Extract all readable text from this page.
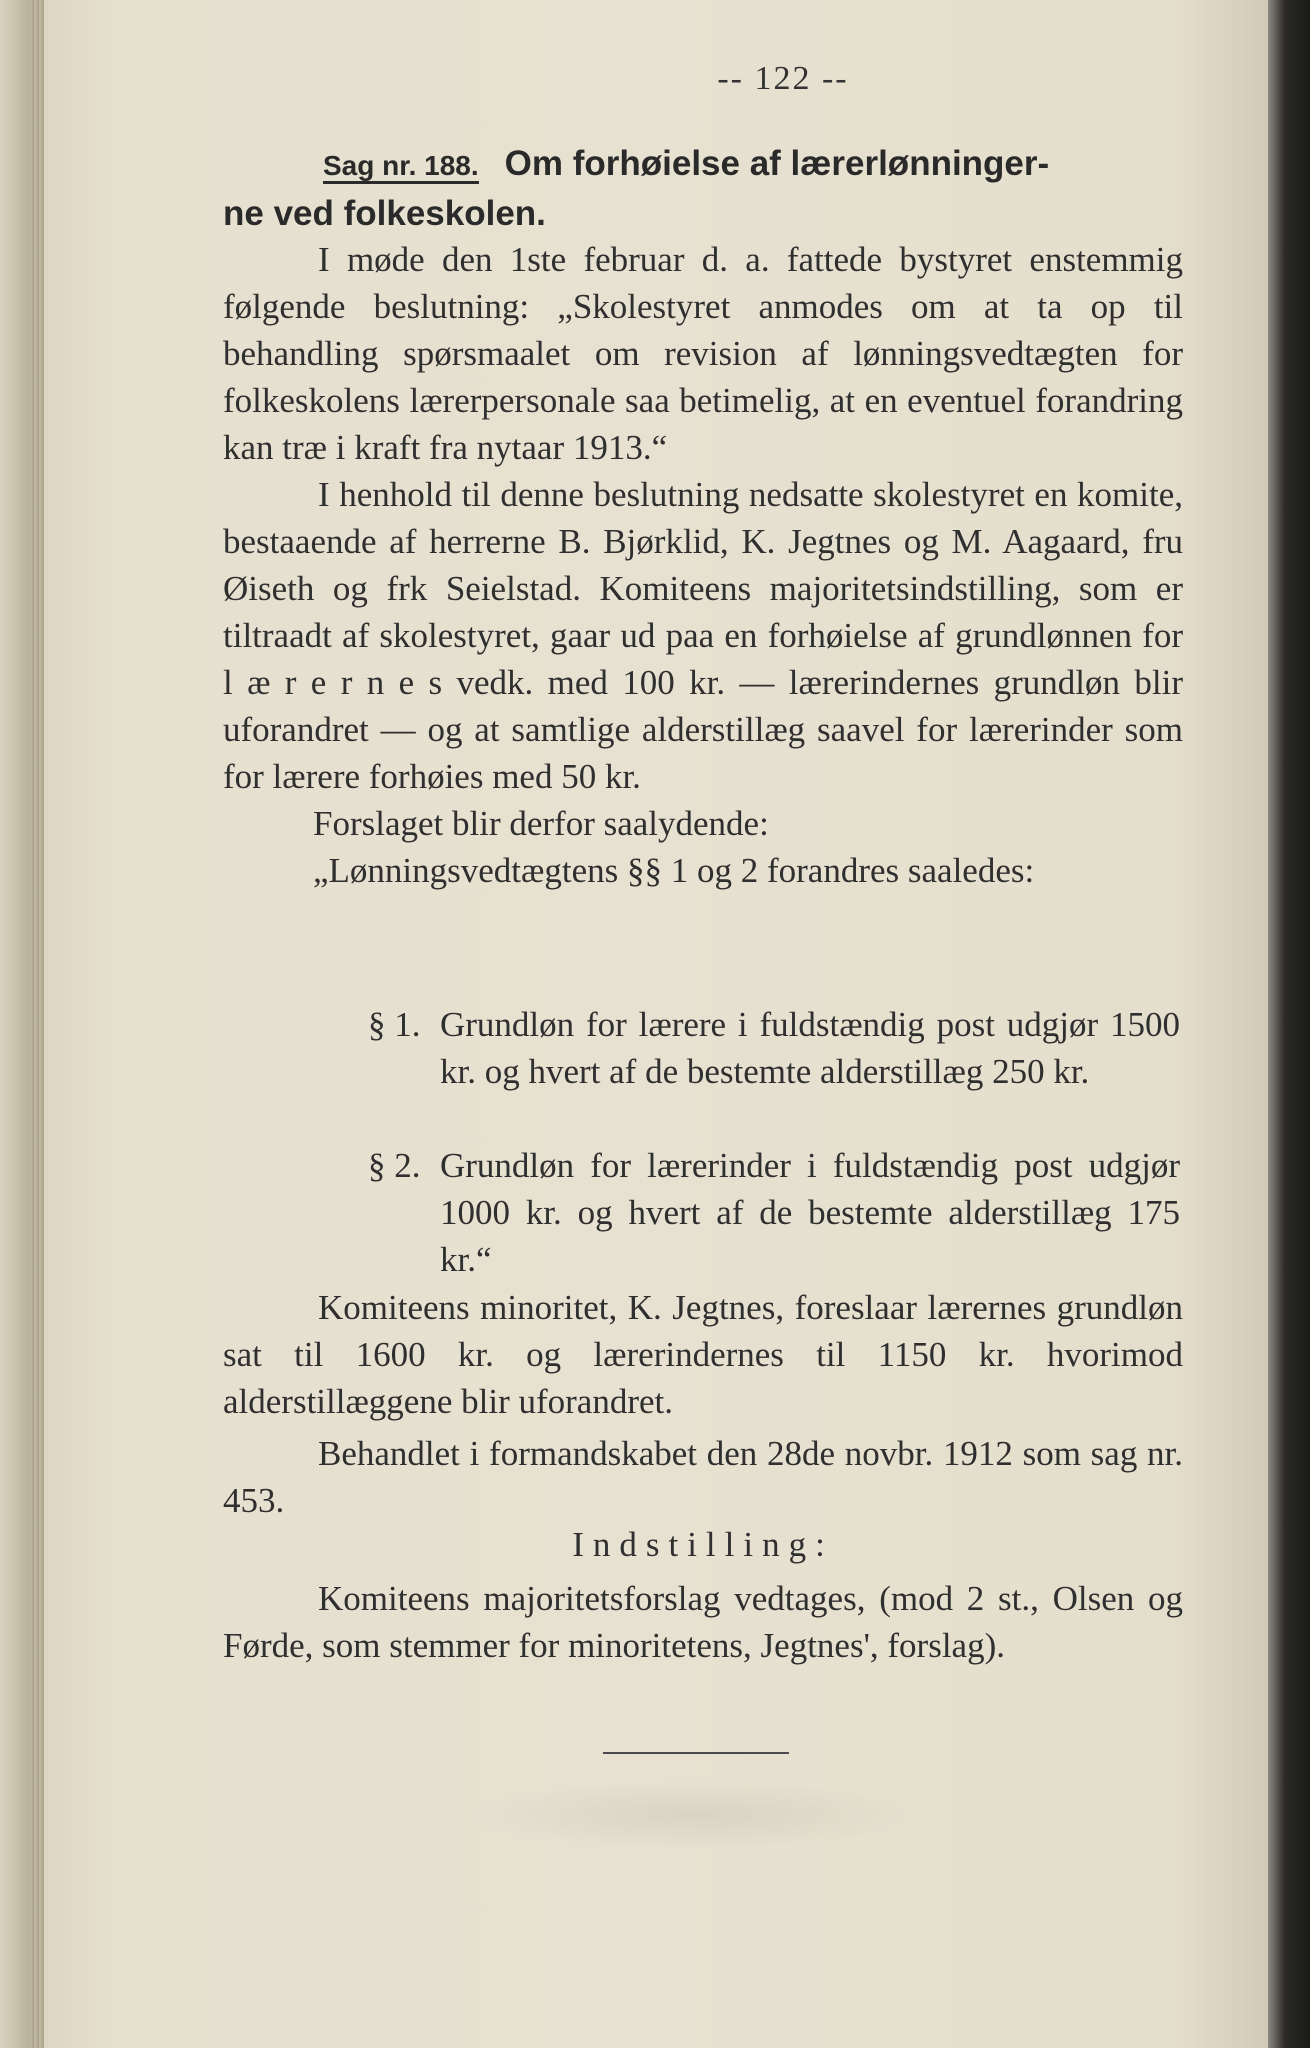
-- 122 --
Sag nr. 188. Om forhøielse af lærerlønninger-
ne ved folkeskolen.

I møde den 1ste februar d. a. fattede bystyret enstemmig følgende beslutning: „Skolestyret anmodes om at ta op til behandling spørsmaalet om revision af lønningsvedtægten for folkeskolens lærerpersonale saa betimelig, at en eventuel forandring kan træ i kraft fra nytaar 1913.“

I henhold til denne beslutning nedsatte skolestyret en komite, bestaaende af herrerne B. Bjørklid, K. Jegtnes og M. Aagaard, fru Øiseth og frk Seielstad. Komiteens majoritetsindstilling, som er tiltraadt af skolestyret, gaar ud paa en forhøielse af grundlønnen for l æ r e r n e s vedk. med 100 kr. — lærerindernes grundløn blir uforandret — og at samtlige alderstillæg saavel for lærerinder som for lærere forhøies med 50 kr.

Forslaget blir derfor saalydende:

„Lønningsvedtægtens §§ 1 og 2 forandres saaledes:

§ 1. Grundløn for lærere i fuldstændig post udgjør 1500 kr. og hvert af de bestemte alderstillæg 250 kr.
§ 2. Grundløn for lærerinder i fuldstændig post udgjør 1000 kr. og hvert af de bestemte alderstillæg 175 kr.“
Komiteens minoritet, K. Jegtnes, foreslaar lærernes grundløn sat til 1600 kr. og lærerindernes til 1150 kr. hvorimod alderstillæggene blir uforandret.
Behandlet i formandskabet den 28de novbr. 1912 som sag nr. 453.
Indstilling:
Komiteens majoritetsforslag vedtages, (mod 2 st., Olsen og Førde, som stemmer for minoritetens, Jegtnes', forslag).
